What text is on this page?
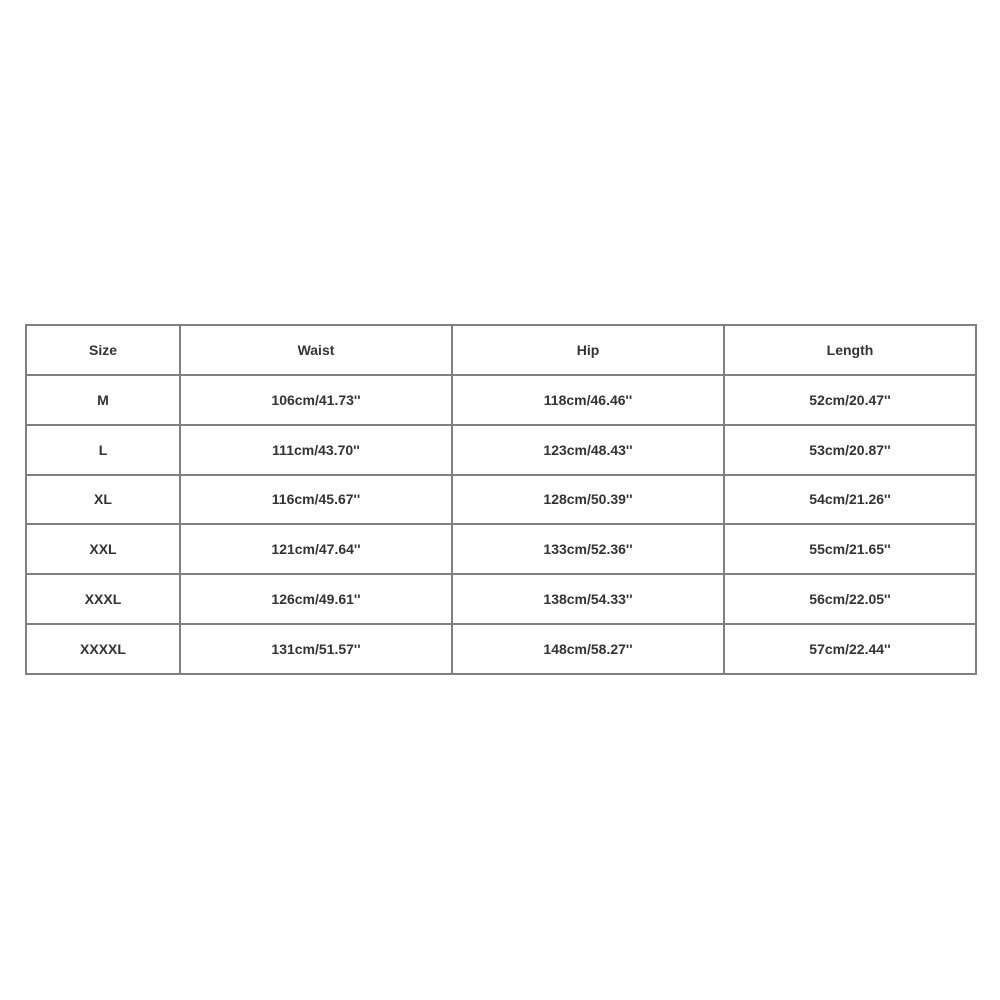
Size	Waist	Hip	Length
M	106cm/41.73''	118cm/46.46''	52cm/20.47''
L	111cm/43.70''	123cm/48.43''	53cm/20.87''
XL	116cm/45.67''	128cm/50.39''	54cm/21.26''
XXL	121cm/47.64''	133cm/52.36''	55cm/21.65''
XXXL	126cm/49.61''	138cm/54.33''	56cm/22.05''
XXXXL	131cm/51.57''	148cm/58.27''	57cm/22.44''
